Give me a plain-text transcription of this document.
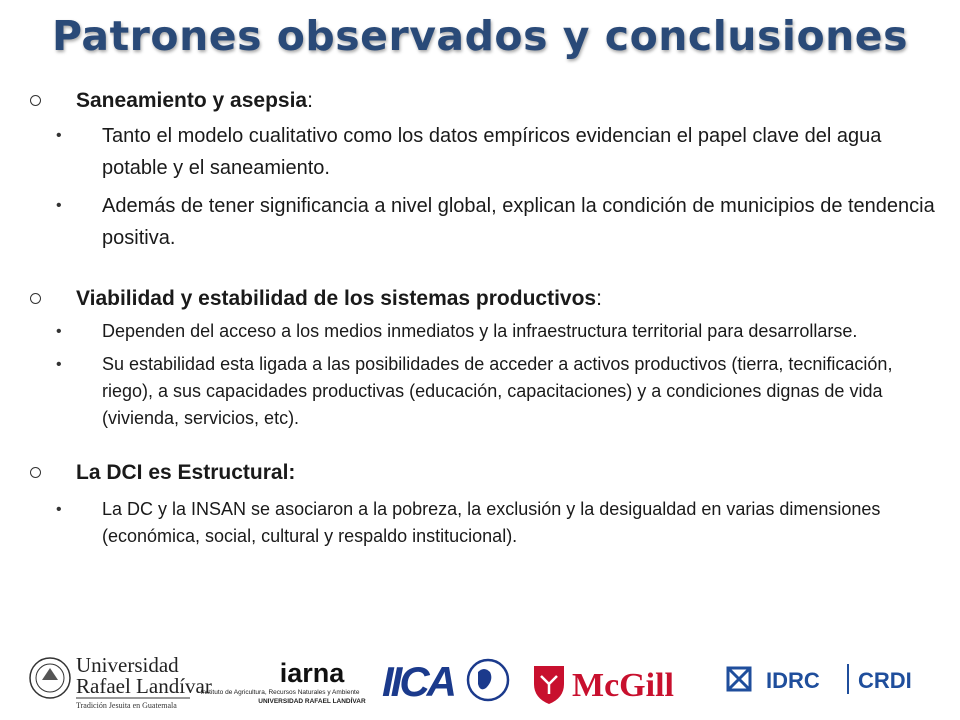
Patrones observados y conclusiones
Saneamiento y asepsia:
• Tanto el modelo cualitativo como los datos empíricos evidencian el papel clave del agua potable y el saneamiento.
• Además de tener significancia a nivel global, explican la condición de municipios de tendencia positiva.
Viabilidad y estabilidad de los sistemas productivos:
• Dependen del acceso a los medios inmediatos y la infraestructura territorial para desarrollarse.
• Su estabilidad esta ligada a las posibilidades de acceder a activos productivos (tierra, tecnificación, riego), a sus capacidades productivas (educación, capacitaciones) y a condiciones dignas de vida (vivienda, servicios, etc).
La DCI es Estructural:
• La DC y la INSAN se asociaron a la pobreza, la exclusión y la desigualdad en varias dimensiones (económica, social, cultural y respaldo institucional).
Universidad
Rafael Landívar
Tradición Jesuita en Guatemala
iarna
Instituto de Agricultura, Recursos Naturales y Ambiente
UNIVERSIDAD RAFAEL LANDÍVAR IICA	McGill	IDRC CRDI
